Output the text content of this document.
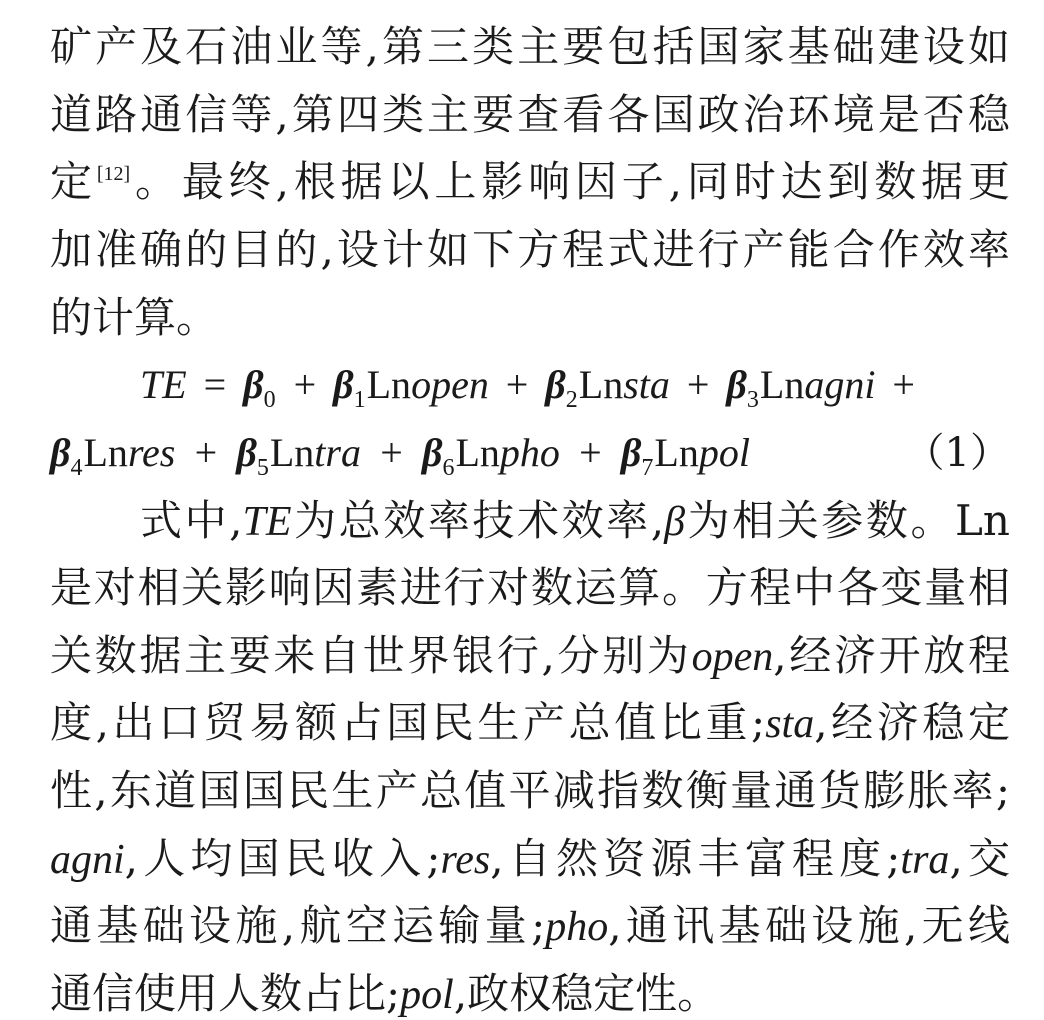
矿产及石油业等,第三类主要包括国家基础建设如
道路通信等,第四类主要查看各国政治环境是否稳
定[12]。最终,根据以上影响因子,同时达到数据更
加准确的目的,设计如下方程式进行产能合作效率
的计算。
TE = β 0 + β 1 Ln open + β 2 Ln sta + β 3 Ln agni +
β 4 Ln res + β 5 Ln tra + β 6 Ln pho + β 7 Ln pol	（1）
式中,TE为总效率技术效率,β为相关参数。Ln
是对相关影响因素进行对数运算。方程中各变量相
关数据主要来自世界银行,分别为open,经济开放程
度,出口贸易额占国民生产总值比重;sta,经济稳定
性,东道国国民生产总值平减指数衡量通货膨胀率;
agni,人均国民收入;res,自然资源丰富程度;tra,交
通基础设施,航空运输量;pho,通讯基础设施,无线
通信使用人数占比;pol,政权稳定性。
